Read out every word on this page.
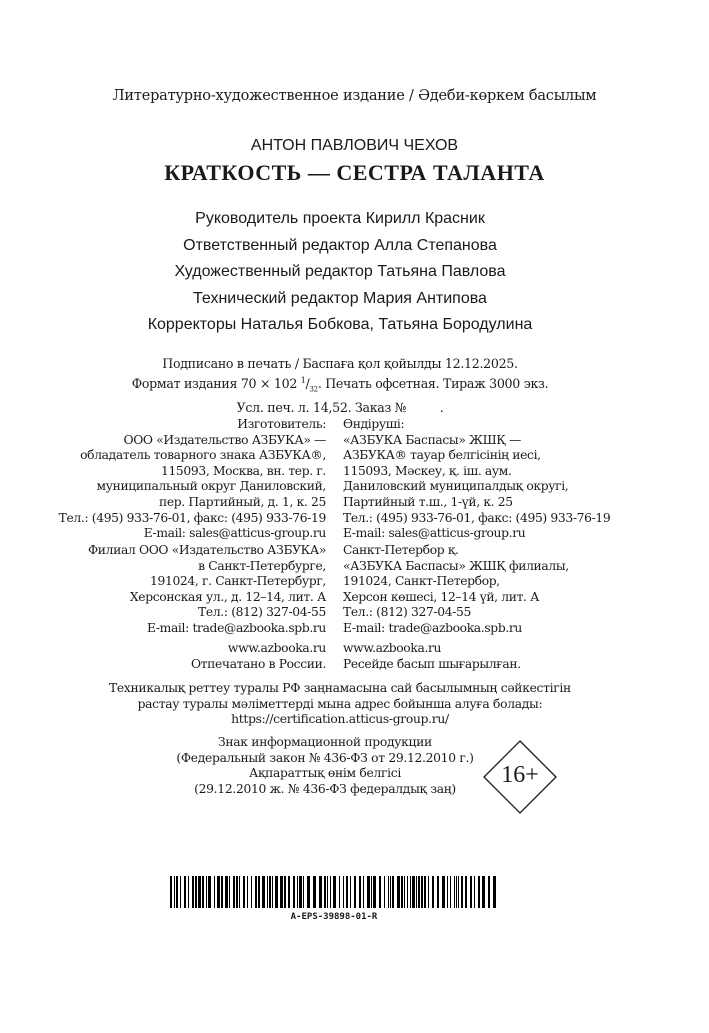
Литературно-художественное издание / Әдеби-көркем басылым
АНТОН ПАВЛОВИЧ ЧЕХОВ
КРАТКОСТЬ — СЕСТРА ТАЛАНТА
Руководитель проекта Кирилл Красник
Ответственный редактор Алла Степанова
Художественный редактор Татьяна Павлова
Технический редактор Мария Антипова
Корректоры Наталья Бобкова, Татьяна Бородулина
Подписано в печать / Баспаға қол қойылды 12.12.2025.
Формат издания 70 × 102 $^1/_{32}$. Печать офсетная. Тираж 3000 экз.
Усл. печ. л. 14,52. Заказ №         .
Изготовитель:
ООО «Издательство АЗБУКА» —
обладатель товарного знака АЗБУКА®,
115093, Москва, вн. тер. г.
муниципальный округ Даниловский,
пер. Партийный, д. 1, к. 25
Тел.: (495) 933-76-01, факс: (495) 933-76-19
E-mail: sales@atticus-group.ru
Өндіруші:
«АЗБУКА Баспасы» ЖШҚ —
АЗБУКА® тауар белгісінің иесі,
115093, Мәскеу, қ. іш. аум.
Даниловский муниципалдық округі,
Партийный т.ш., 1-үй, к. 25
Тел.: (495) 933-76-01, факс: (495) 933-76-19
E-mail: sales@atticus-group.ru
Филиал ООО «Издательство АЗБУКА»
в Санкт-Петербурге,
191024, г. Санкт-Петербург,
Херсонская ул., д. 12–14, лит. А
Тел.: (812) 327-04-55
E-mail: trade@azbooka.spb.ru
Санкт-Петербор қ.
«АЗБУКА Баспасы» ЖШҚ филиалы,
191024, Санкт-Петербор,
Херсон көшесі, 12–14 үй, лит. А
Тел.: (812) 327-04-55
E-mail: trade@azbooka.spb.ru
www.azbooka.ru
Отпечатано в России.
www.azbooka.ru
Ресейде басып шығарылған.
Техникалық реттеу туралы РФ заңнамасына сай басылымның сәйкестігін
растау туралы мәліметтерді мына адрес бойынша алуға болады:
https://certification.atticus-group.ru/
Знак информационной продукции
(Федеральный закон № 436-ФЗ от 29.12.2010 г.)
Ақпараттық өнім белгісі
(29.12.2010 ж. № 436-ФЗ федералдық заң)
16+
A-EPS-39898-01-R
